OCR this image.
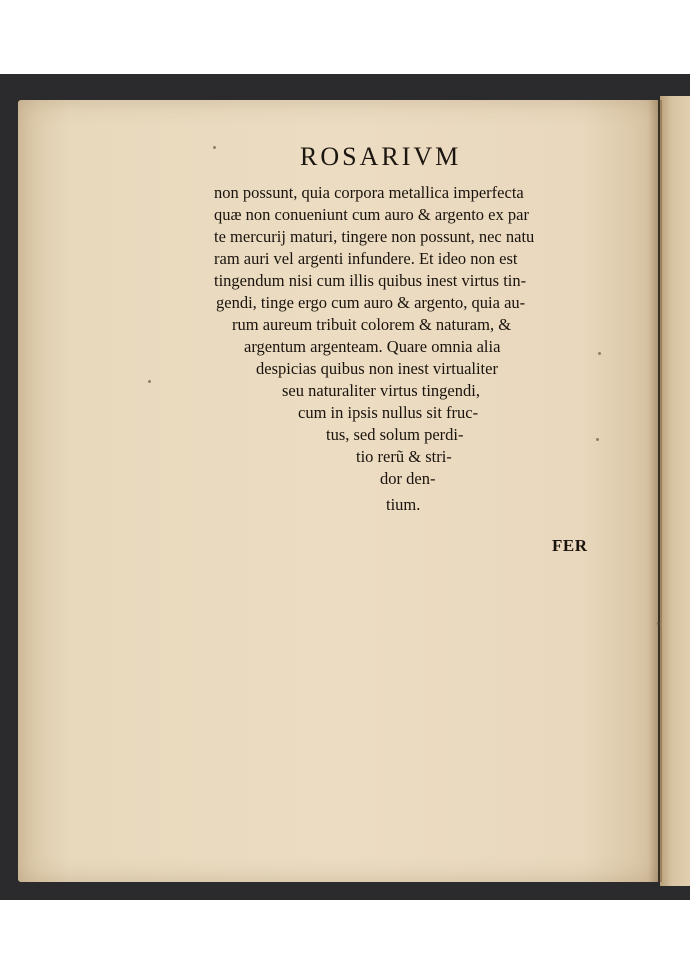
ROSARIVM
non possunt, quia corpora metallica imperfecta
quæ non conueniunt cum auro & argento ex par
te mercurij maturi, tingere non possunt, nec natu
ram auri vel argenti infundere. Et ideo non est
tingendum nisi cum illis quibus inest virtus tin-
gendi, tinge ergo cum auro & argento, quia au-
rum aureum tribuit colorem & naturam, &
argentum argenteam. Quare omnia alia
despicias quibus non inest virtualiter
seu naturaliter virtus tingendi,
cum in ipsis nullus sit fruc-
tus, sed solum perdi-
tio rerũ & stri-
dor den-
tium.
FER
